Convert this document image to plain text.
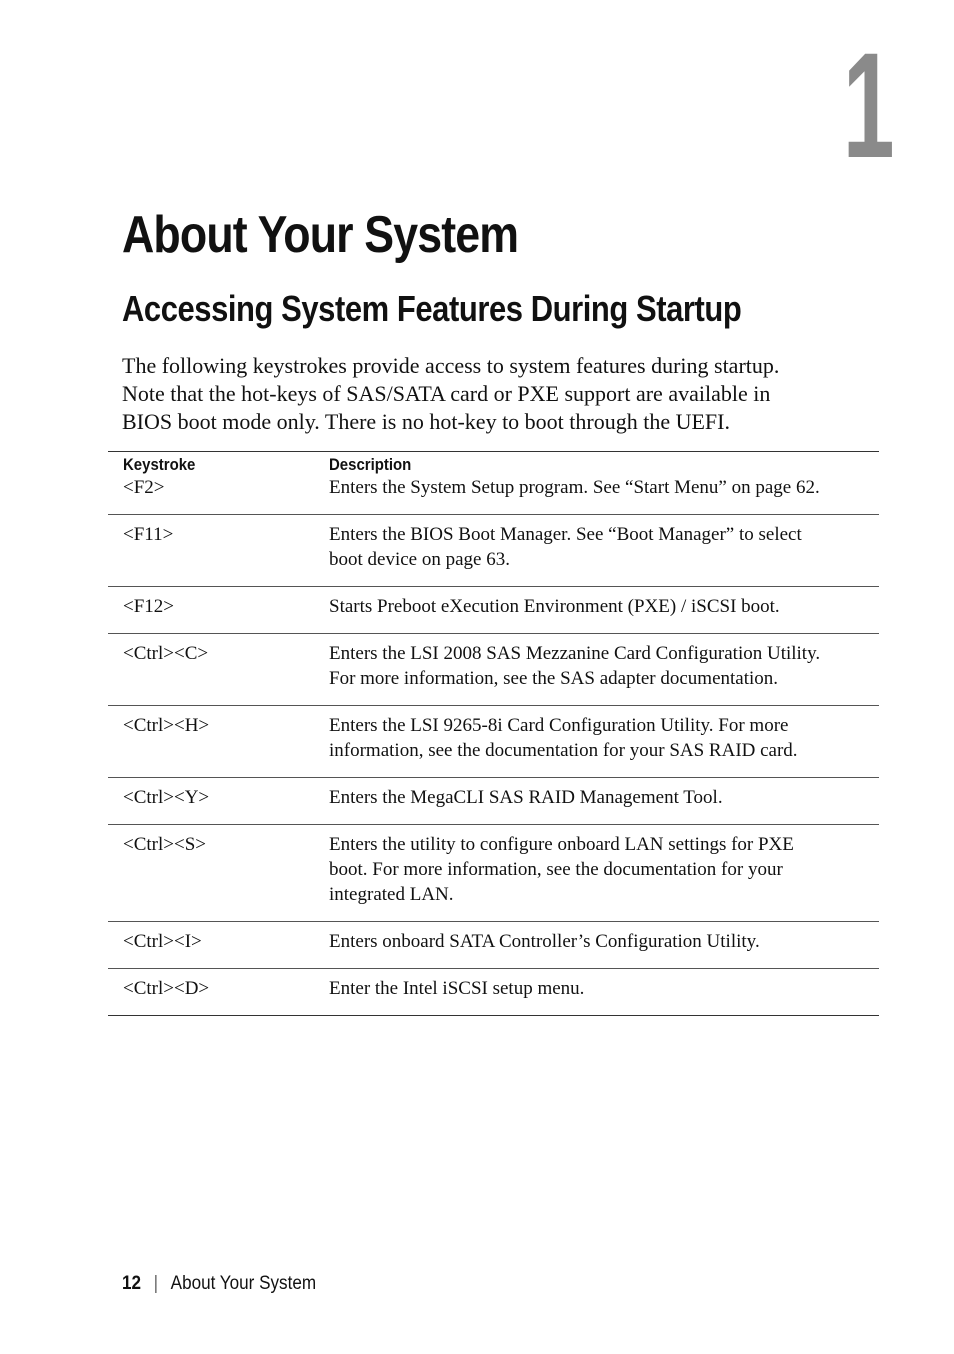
1
About Your System
Accessing System Features During Startup

The following keystrokes provide access to system features during startup.

Note that the hot-keys of SAS/SATA card or PXE support are available in

BIOS boot mode only. There is no hot-key to boot through the UEFI.

Keystroke	Description
<F2>	Enters the System Setup program. See “Start Menu” on page 62.

<F11>	Enters the BIOS Boot Manager. See “Boot Manager” to select
boot device on page 63.

<F12>	Starts Preboot eXecution Environment (PXE) / iSCSI boot.

<Ctrl><C>	Enters the LSI 2008 SAS Mezzanine Card Configuration Utility.
For more information, see the SAS adapter documentation.

<Ctrl><H>	Enters the LSI 9265-8i Card Configuration Utility. For more
information, see the documentation for your SAS RAID card.

<Ctrl><Y>	Enters the MegaCLI SAS RAID Management Tool.

<Ctrl><S>	Enters the utility to configure onboard LAN settings for PXE
boot. For more information, see the documentation for your
integrated LAN.

<Ctrl><I>	Enters onboard SATA Controller’s Configuration Utility.

<Ctrl><D>	Enter the Intel iSCSI setup menu.
12 | About Your System
